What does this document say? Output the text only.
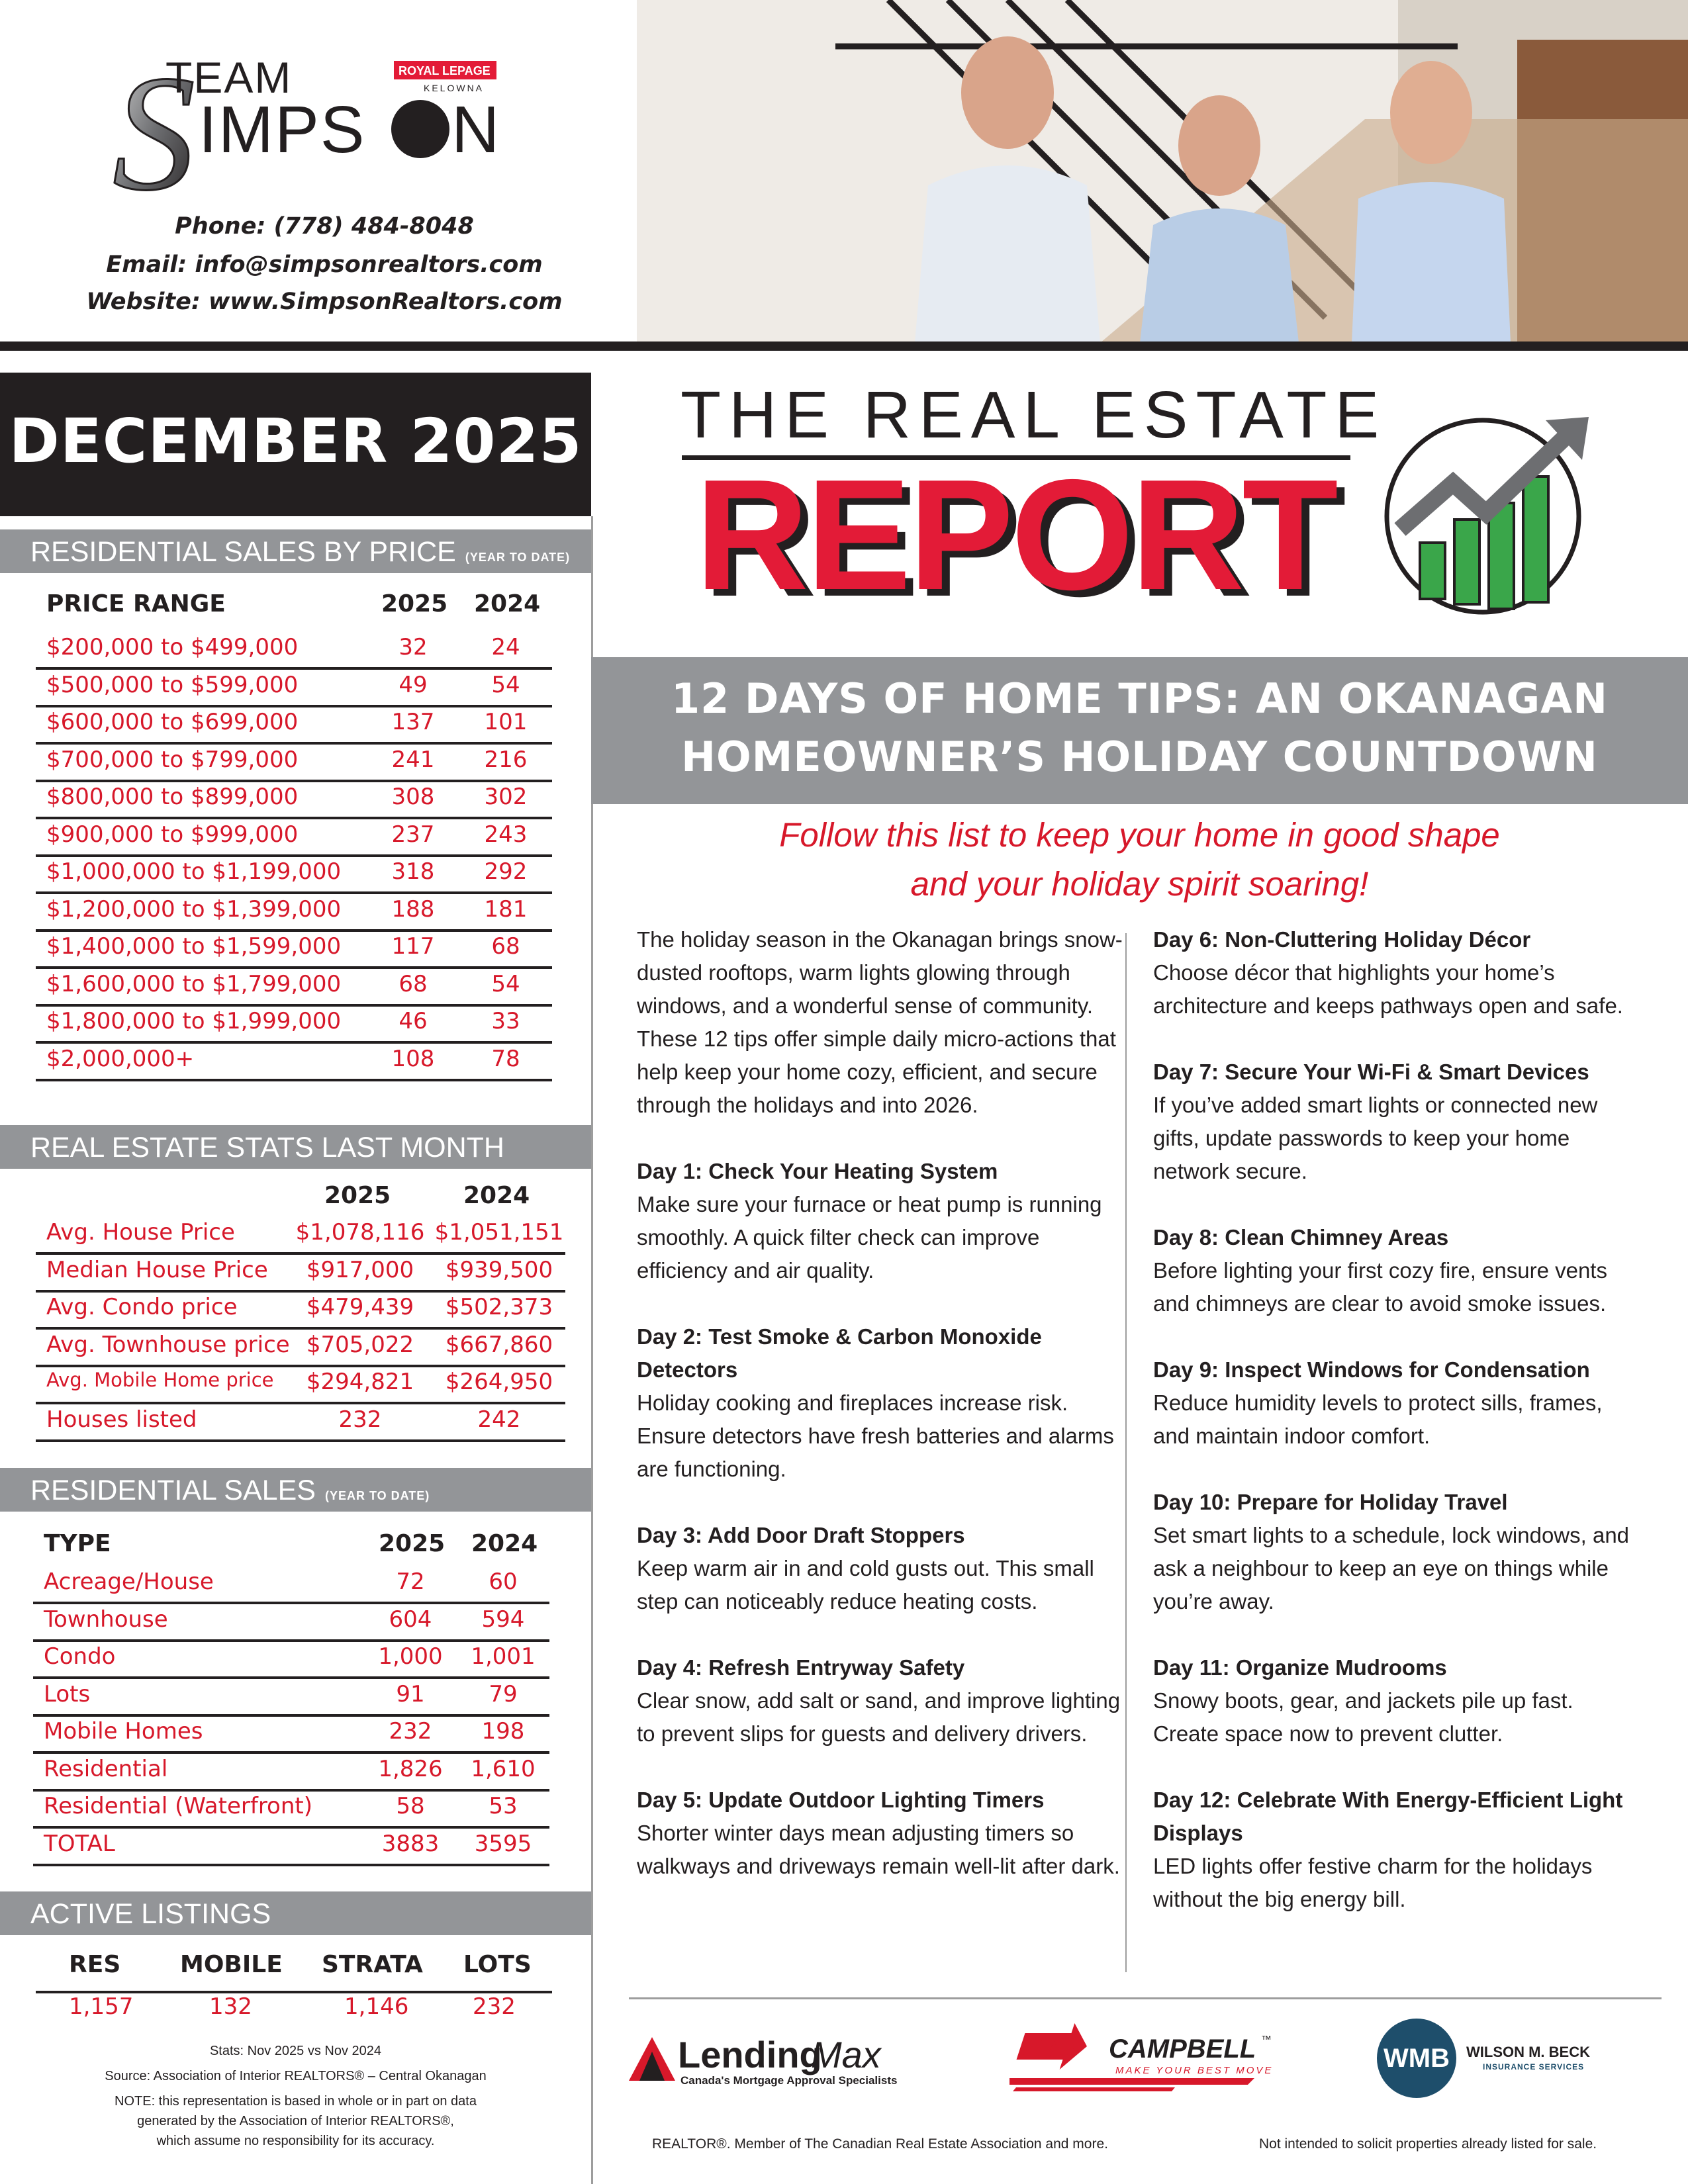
S
TEAM
IMPS N
ROYAL LEPAGE
KELOWNA
Phone: (778) 484-8048
Email: info@simpsonrealtors.com
Website: www.SimpsonRealtors.com
DECEMBER 2025
RESIDENTIAL SALES BY PRICE (YEAR TO DATE)
PRICE RANGE	2025 2024
$200,000 to $499,000	32	24
$500,000 to $599,000	49	54
$600,000 to $699,000	137	101
$700,000 to $799,000	241	216
$800,000 to $899,000	308	302
$900,000 to $999,000	237	243
$1,000,000 to $1,199,000	318	292
$1,200,000 to $1,399,000	188	181
$1,400,000 to $1,599,000	117	68
$1,600,000 to $1,799,000	68	54
$1,800,000 to $1,999,000	46	33
$2,000,000+	108	78
REAL ESTATE STATS LAST MONTH
2025	2024
Avg. House Price	$1,078,116 $1,051,151
Median House Price	$917,000	$939,500
Avg. Condo price	$479,439	$502,373
Avg. Townhouse price $705,022	$667,860
Avg. Mobile Home price	$294,821	$264,950
Houses listed	232	242
RESIDENTIAL SALES (YEAR TO DATE)
TYPE	2025 2024
Acreage/House	72	60
Townhouse	604	594
Condo	1,000	1,001
Lots	91	79
Mobile Homes	232	198
Residential	1,826	1,610
Residential (Waterfront)	58	53
TOTAL	3883	3595
ACTIVE LISTINGS
RES MOBILE STRATA LOTS
1,157	132	1,146	232
Stats: Nov 2025 vs Nov 2024
Source: Association of Interior REALTORS® – Central Okanagan
NOTE: this representation is based in whole or in part on data
generated by the Association of Interior REALTORS®,
which assume no responsibility for its accuracy.
THE REAL ESTATE
REPORT
12 DAYS OF HOME TIPS: AN OKANAGAN
HOMEOWNER’S HOLIDAY COUNTDOWN
Follow this list to keep your home in good shape
and your holiday spirit soaring!

The holiday season in the Okanagan brings snow-dusted rooftops, warm lights glowing through windows, and a wonderful sense of community. These 12 tips offer simple daily micro-actions that help keep your home cozy, efficient, and secure through the holidays and into 2026.

Day 1: Check Your Heating System
Make sure your furnace or heat pump is running smoothly. A quick filter check can improve efficiency and air quality.

Day 2: Test Smoke & Carbon Monoxide Detectors
Holiday cooking and fireplaces increase risk. Ensure detectors have fresh batteries and alarms are functioning.

Day 3: Add Door Draft Stoppers
Keep warm air in and cold gusts out. This small step can noticeably reduce heating costs.

Day 4: Refresh Entryway Safety
Clear snow, add salt or sand, and improve lighting to prevent slips for guests and delivery drivers.

Day 5: Update Outdoor Lighting Timers
Shorter winter days mean adjusting timers so walkways and driveways remain well-lit after dark.

Day 6: Non-Cluttering Holiday Décor
Choose décor that highlights your home’s architecture and keeps pathways open and safe.

Day 7: Secure Your Wi-Fi & Smart Devices
If you’ve added smart lights or connected new gifts, update passwords to keep your home network secure.

Day 8: Clean Chimney Areas
Before lighting your first cozy fire, ensure vents and chimneys are clear to avoid smoke issues.

Day 9: Inspect Windows for Condensation
Reduce humidity levels to protect sills, frames, and maintain indoor comfort.

Day 10: Prepare for Holiday Travel
Set smart lights to a schedule, lock windows, and ask a neighbour to keep an eye on things while you’re away.

Day 11: Organize Mudrooms
Snowy boots, gear, and jackets pile up fast. Create space now to prevent clutter.

Day 12: Celebrate With Energy-Efficient Light Displays
LED lights offer festive charm for the holidays without the big energy bill.

Lending
Max
Canada's Mortgage Approval Specialists
AMJ CAMPBELL ™
MAKE YOUR BEST MOVE	WMB	WILSON M. BECK
INSURANCE SERVICES
REALTOR®. Member of The Canadian Real Estate Association and more.	Not intended to solicit properties already listed for sale.
